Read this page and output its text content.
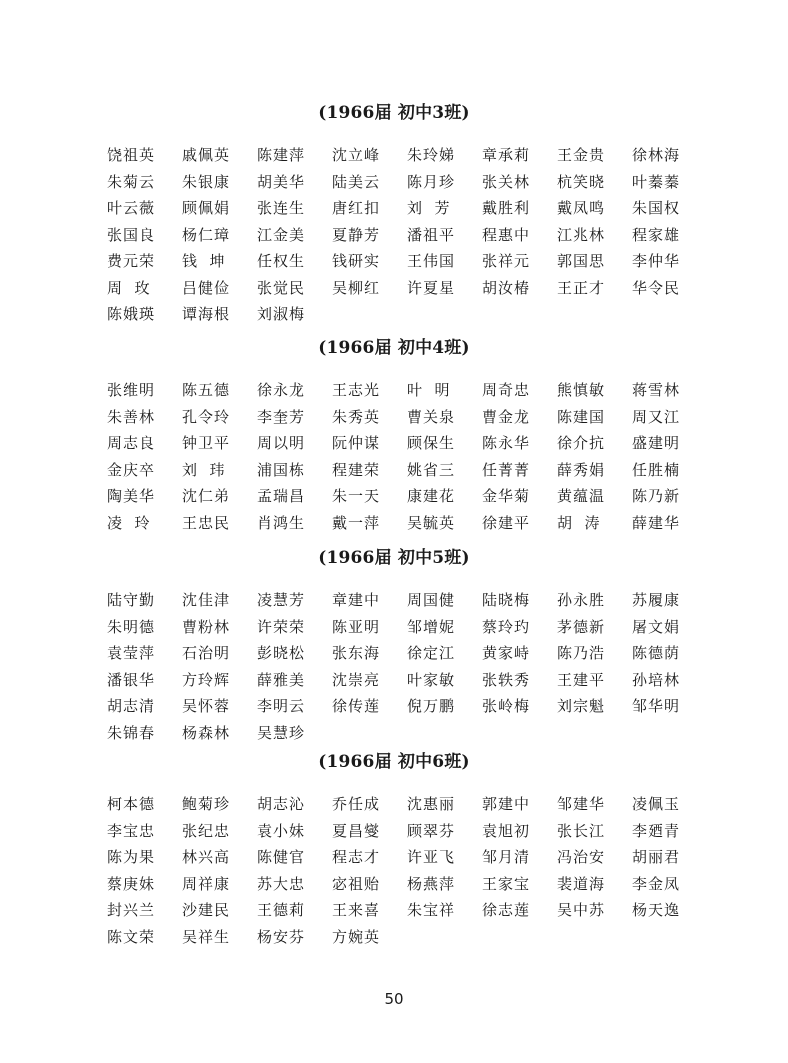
(1966届 初中3班)
饶祖英	戚佩英	陈建萍	沈立峰	朱玲娣	章承莉	王金贵	徐林海
朱菊云	朱银康	胡美华	陆美云	陈月珍	张关林	杭笑晓	叶蓁蓁
叶云薇	顾佩娟	张连生	唐红扣	刘  芳	戴胜利	戴凤鸣	朱国权
张国良	杨仁璋	江金美	夏静芳	潘祖平	程惠中	江兆林	程家雄
费元荣	钱  坤	任权生	钱研实	王伟国	张祥元	郭国思	李仲华
周  玫	吕健俭	张觉民	吴柳红	许夏星	胡汝椿	王正才	华令民
陈娥瑛	谭海根	刘淑梅
(1966届 初中4班)
张维明	陈五德	徐永龙	王志光	叶  明	周奇忠	熊慎敏	蒋雪林
朱善林	孔令玲	李奎芳	朱秀英	曹关泉	曹金龙	陈建国	周又江
周志良	钟卫平	周以明	阮仲谋	顾保生	陈永华	徐介抗	盛建明
金庆卒	刘  玮	浦国栋	程建荣	姚省三	任菁菁	薛秀娟	任胜楠
陶美华	沈仁弟	孟瑞昌	朱一天	康建花	金华菊	黄蕴温	陈乃新
凌  玲	王忠民	肖鸿生	戴一萍	吴毓英	徐建平	胡  涛	薛建华
(1966届 初中5班)
陆守勤	沈佳津	凌慧芳	章建中	周国健	陆晓梅	孙永胜	苏履康
朱明德	曹粉林	许荣荣	陈亚明	邹增妮	蔡玲玓	茅德新	屠文娟
袁莹萍	石治明	彭晓松	张东海	徐定江	黄家峙	陈乃浩	陈德荫
潘银华	方玲辉	薛雅美	沈崇亮	叶家敏	张轶秀	王建平	孙培林
胡志清	吴怀蓉	李明云	徐传莲	倪万鹏	张岭梅	刘宗魁	邹华明
朱锦春	杨森林	吴慧珍
(1966届 初中6班)
柯本德	鲍菊珍	胡志沁	乔任成	沈惠丽	郭建中	邹建华	凌佩玉
李宝忠	张纪忠	袁小妹	夏昌燮	顾翠芬	袁旭初	张长江	李廼青
陈为果	林兴高	陈健官	程志才	许亚飞	邹月清	冯治安	胡丽君
蔡庚妹	周祥康	苏大忠	宓祖贻	杨燕萍	王家宝	裴道海	李金凤
封兴兰	沙建民	王德莉	王来喜	朱宝祥	徐志莲	吴中苏	杨天逸
陈文荣	吴祥生	杨安芬	方婉英
50
